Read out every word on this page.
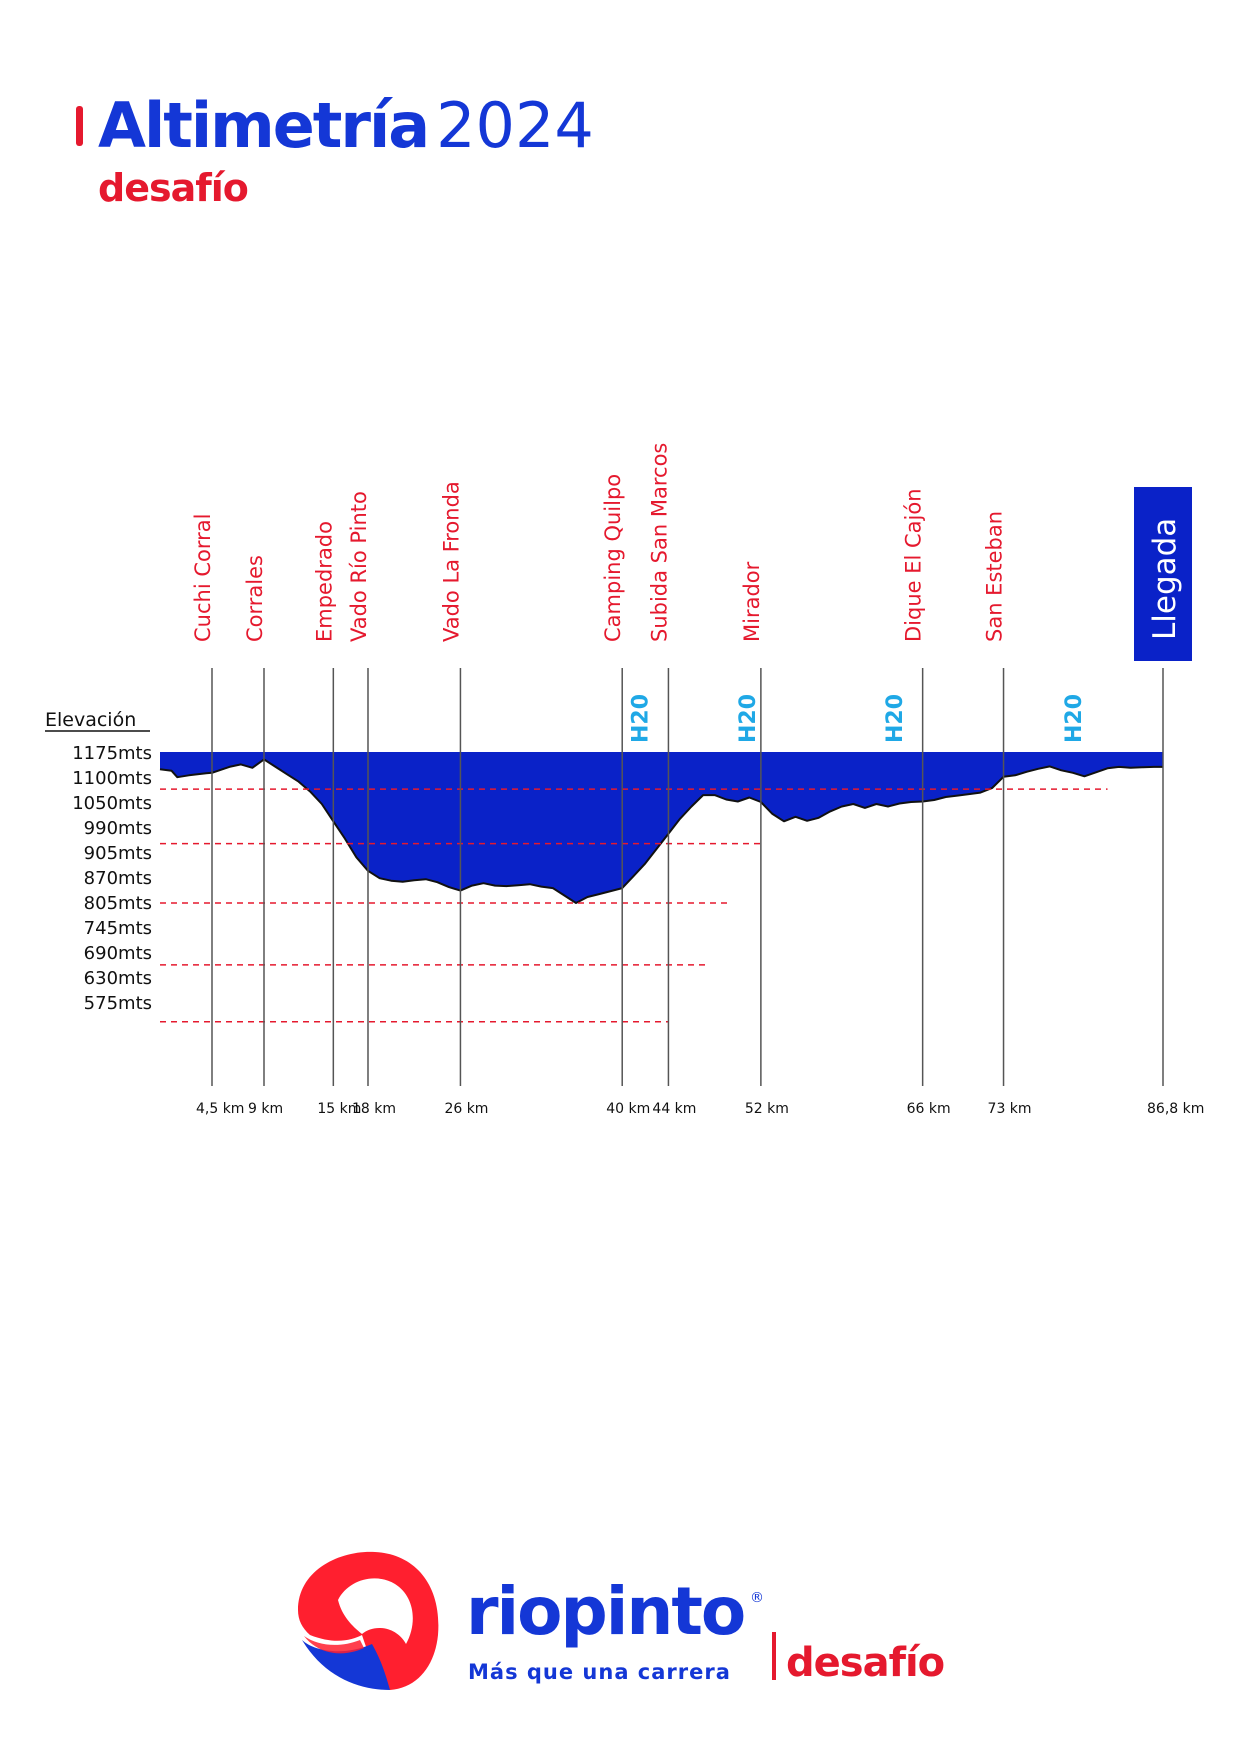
Altimetría 2024
desafío
Cuchi Corral
4,5 km
Corrales
9 km
Empedrado
15 km
Vado Río Pinto
18 km
Vado La Fronda
26 km
Camping Quilpo
40 km
Subida San Marcos
44 km
Mirador
52 km
Dique El Cajón
66 km
San Esteban
73 km
Llegada
86,8 km
H20	H20	H20	H20
Elevación
1175mts
1100mts
1050mts
990mts
905mts
870mts
805mts
745mts
690mts
630mts
575mts
riopinto ®
Más que una carrera desafío
